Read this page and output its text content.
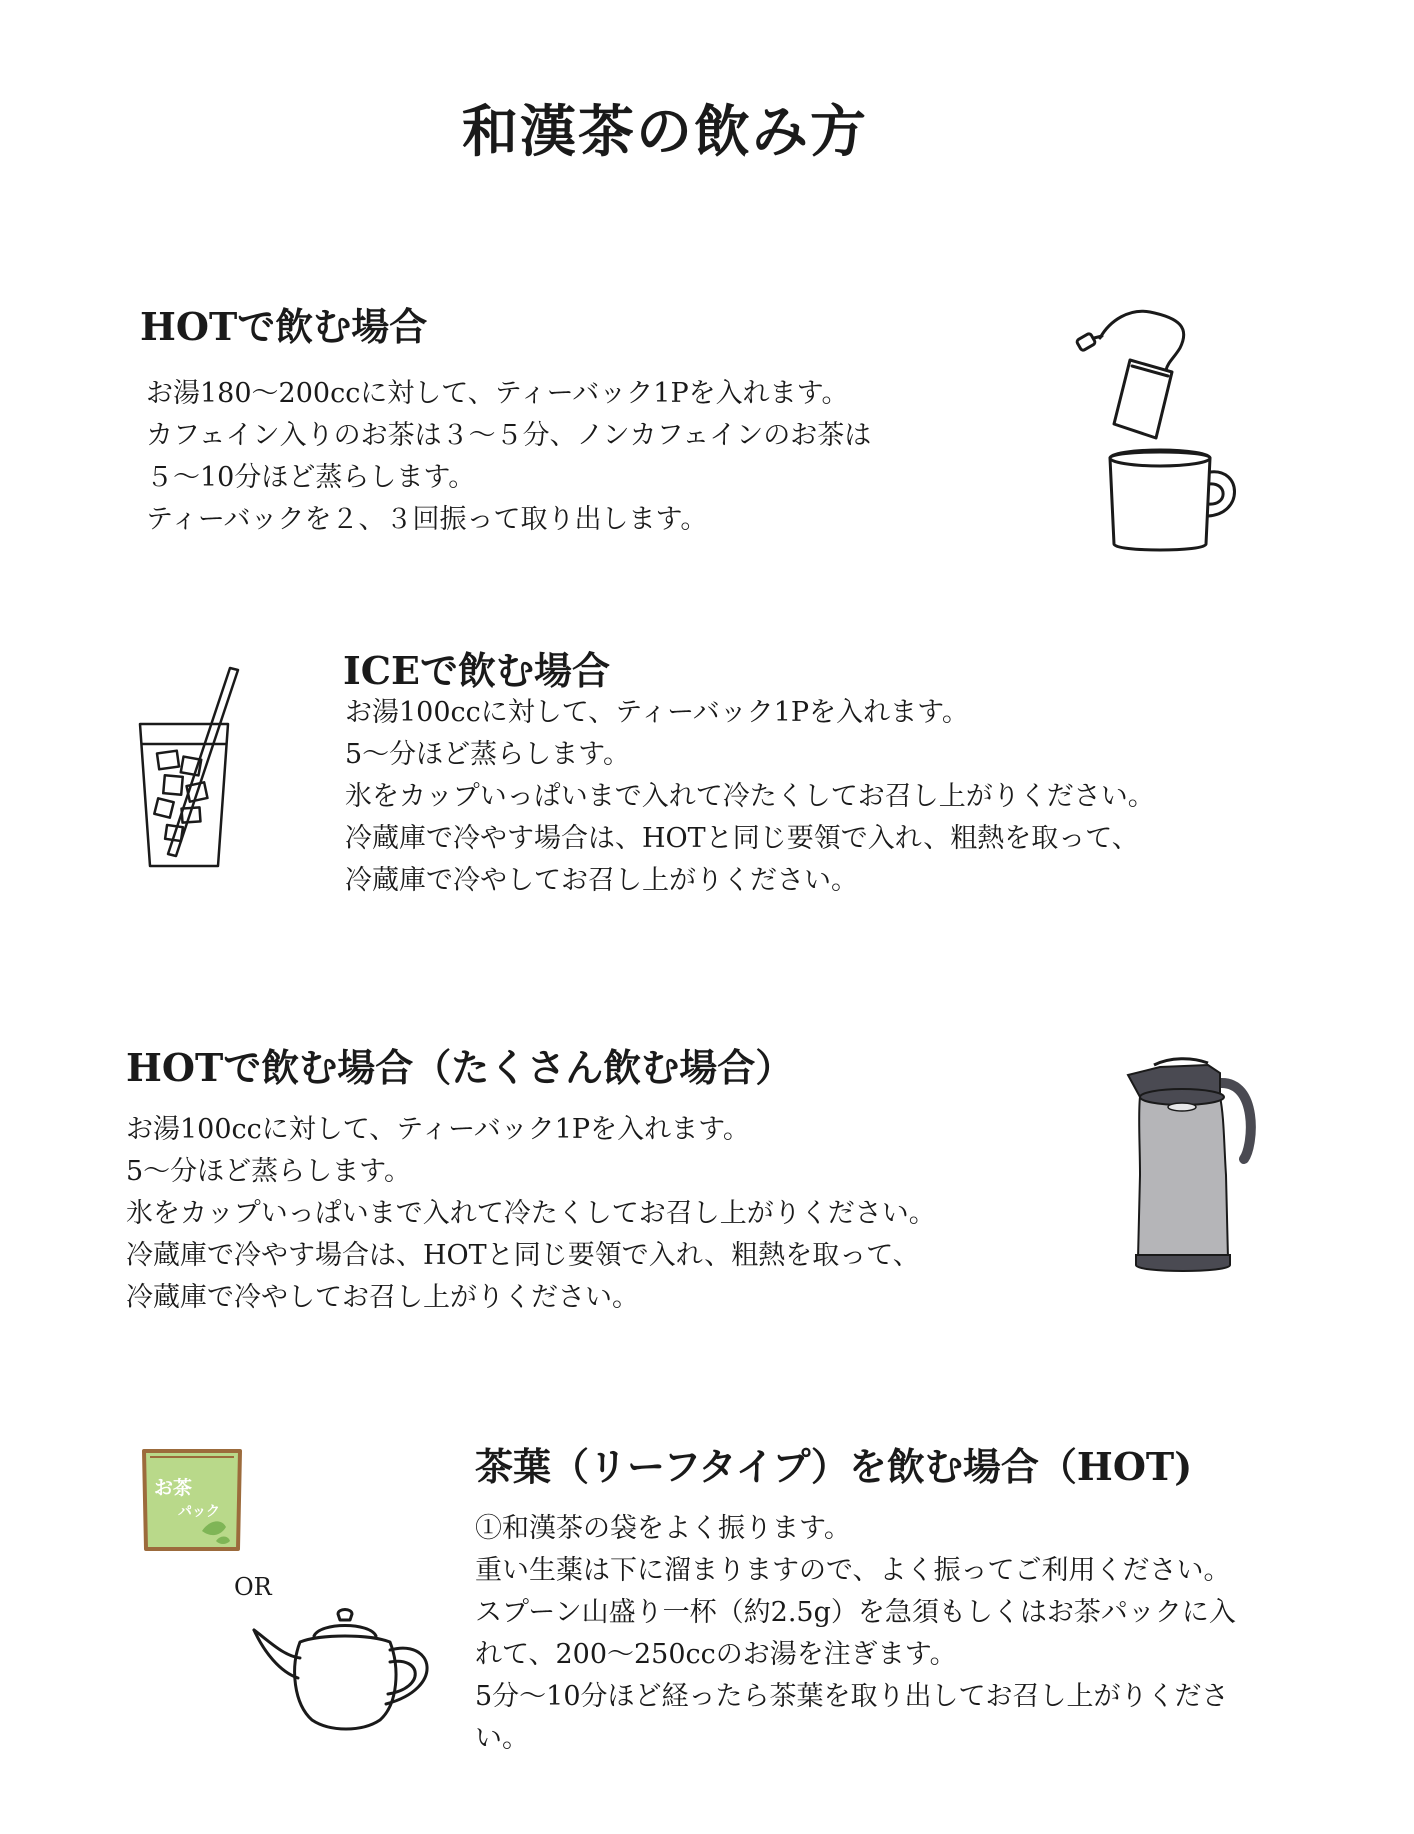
和漢茶の飲み方
HOTで飲む場合
お湯180〜200ccに対して、ティーバック1Pを入れます。
カフェイン入りのお茶は３〜５分、ノンカフェインのお茶は
５〜10分ほど蒸らします。
ティーバックを２、３回振って取り出します。
ICEで飲む場合
お湯100ccに対して、ティーバック1Pを入れます。
5〜分ほど蒸らします。
氷をカップいっぱいまで入れて冷たくしてお召し上がりください。
冷蔵庫で冷やす場合は、HOTと同じ要領で入れ、粗熱を取って、
冷蔵庫で冷やしてお召し上がりください。
HOTで飲む場合（たくさん飲む場合）
お湯100ccに対して、ティーバック1Pを入れます。
5〜分ほど蒸らします。
氷をカップいっぱいまで入れて冷たくしてお召し上がりください。
冷蔵庫で冷やす場合は、HOTと同じ要領で入れ、粗熱を取って、
冷蔵庫で冷やしてお召し上がりください。
茶葉（リーフタイプ）を飲む場合（HOT)
①和漢茶の袋をよく振ります。
重い生薬は下に溜まりますので、よく振ってご利用ください。
スプーン山盛り一杯（約2.5g）を急須もしくはお茶パックに入
れて、200〜250ccのお湯を注ぎます。
5分〜10分ほど経ったら茶葉を取り出してお召し上がりくださ
い。
お茶
パック
OR
